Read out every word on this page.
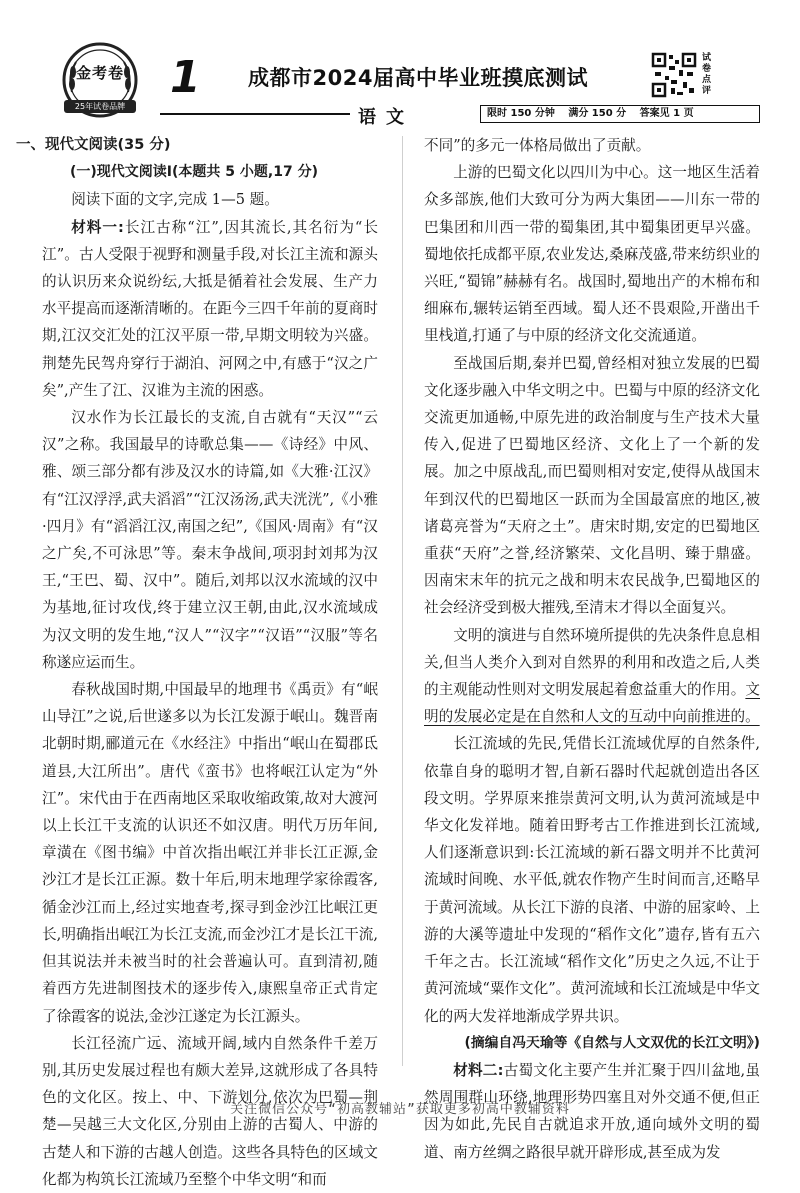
金考卷
25年试卷品牌
1 成都市2024届高中毕业班摸底测试
试卷点评
语文	限时 150 分钟 满分 150 分 答案见 1 页

一、现代文阅读(35 分)

(一)现代文阅读Ⅰ(本题共 5 小题,17 分)

阅读下面的文字,完成 1—5 题。

材料一:长江古称“江”,因其流长,其名衍为“长江”。古人受限于视野和测量手段,对长江主流和源头的认识历来众说纷纭,大抵是循着社会发展、生产力水平提高而逐渐清晰的。在距今三四千年前的夏商时期,江汉交汇处的江汉平原一带,早期文明较为兴盛。荆楚先民驾舟穿行于湖泊、河网之中,有感于“汉之广矣”,产生了江、汉谁为主流的困惑。

汉水作为长江最长的支流,自古就有“天汉”“云汉”之称。我国最早的诗歌总集——《诗经》中风、雅、颂三部分都有涉及汉水的诗篇,如《大雅·江汉》有“江汉浮浮,武夫滔滔”“江汉汤汤,武夫洸洸”,《小雅·四月》有“滔滔江汉,南国之纪”,《国风·周南》有“汉之广矣,不可泳思”等。秦末争战间,项羽封刘邦为汉王,“王巴、蜀、汉中”。随后,刘邦以汉水流域的汉中为基地,征讨攻伐,终于建立汉王朝,由此,汉水流域成为汉文明的发生地,“汉人”“汉字”“汉语”“汉服”等名称遂应运而生。

春秋战国时期,中国最早的地理书《禹贡》有“岷山导江”之说,后世遂多以为长江发源于岷山。魏晋南北朝时期,郦道元在《水经注》中指出“岷山在蜀郡氐道县,大江所出”。唐代《蛮书》也将岷江认定为“外江”。宋代由于在西南地区采取收缩政策,故对大渡河以上长江干支流的认识还不如汉唐。明代万历年间,章潢在《图书编》中首次指出岷江并非长江正源,金沙江才是长江正源。数十年后,明末地理学家徐霞客,循金沙江而上,经过实地查考,探寻到金沙江比岷江更长,明确指出岷江为长江支流,而金沙江才是长江干流,但其说法并未被当时的社会普遍认可。直到清初,随着西方先进制图技术的逐步传入,康熙皇帝正式肯定了徐霞客的说法,金沙江遂定为长江源头。

长江径流广远、流域开阔,域内自然条件千差万别,其历史发展过程也有颇大差异,这就形成了各具特色的文化区。按上、中、下游划分,依次为巴蜀—荆楚—吴越三大文化区,分别由上游的古蜀人、中游的古楚人和下游的古越人创造。这些各具特色的区域文化都为构筑长江流域乃至整个中华文明“和而

不同”的多元一体格局做出了贡献。

上游的巴蜀文化以四川为中心。这一地区生活着众多部族,他们大致可分为两大集团——川东一带的巴集团和川西一带的蜀集团,其中蜀集团更早兴盛。蜀地依托成都平原,农业发达,桑麻茂盛,带来纺织业的兴旺,“蜀锦”赫赫有名。战国时,蜀地出产的木棉布和细麻布,辗转运销至西域。蜀人还不畏艰险,开凿出千里栈道,打通了与中原的经济文化交流通道。

至战国后期,秦并巴蜀,曾经相对独立发展的巴蜀文化逐步融入中华文明之中。巴蜀与中原的经济文化交流更加通畅,中原先进的政治制度与生产技术大量传入,促进了巴蜀地区经济、文化上了一个新的发展。加之中原战乱,而巴蜀则相对安定,使得从战国末年到汉代的巴蜀地区一跃而为全国最富庶的地区,被诸葛亮誉为“天府之土”。唐宋时期,安定的巴蜀地区重获“天府”之誉,经济繁荣、文化昌明、臻于鼎盛。因南宋末年的抗元之战和明末农民战争,巴蜀地区的社会经济受到极大摧残,至清末才得以全面复兴。

文明的演进与自然环境所提供的先决条件息息相关,但当人类介入到对自然界的利用和改造之后,人类的主观能动性则对文明发展起着愈益重大的作用。文明的发展必定是在自然和人文的互动中向前推进的。

长江流域的先民,凭借长江流域优厚的自然条件,依靠自身的聪明才智,自新石器时代起就创造出各区段文明。学界原来推崇黄河文明,认为黄河流域是中华文化发祥地。随着田野考古工作推进到长江流域,人们逐渐意识到:长江流域的新石器文明并不比黄河流域时间晚、水平低,就农作物产生时间而言,还略早于黄河流域。从长江下游的良渚、中游的屈家岭、上游的大溪等遗址中发现的“稻作文化”遗存,皆有五六千年之古。长江流域“稻作文化”历史之久远,不让于黄河流域“粟作文化”。黄河流域和长江流域是中华文化的两大发祥地渐成学界共识。

(摘编自冯天瑜等《自然与人文双优的长江文明》)

材料二:古蜀文化主要产生并汇聚于四川盆地,虽然周围群山环绕,地理形势四塞且对外交通不便,但正因为如此,先民自古就追求开放,通向域外文明的蜀道、南方丝绸之路很早就开辟形成,甚至成为发

关注微信公众号“初高教辅站”获取更多初高中教辅资料
